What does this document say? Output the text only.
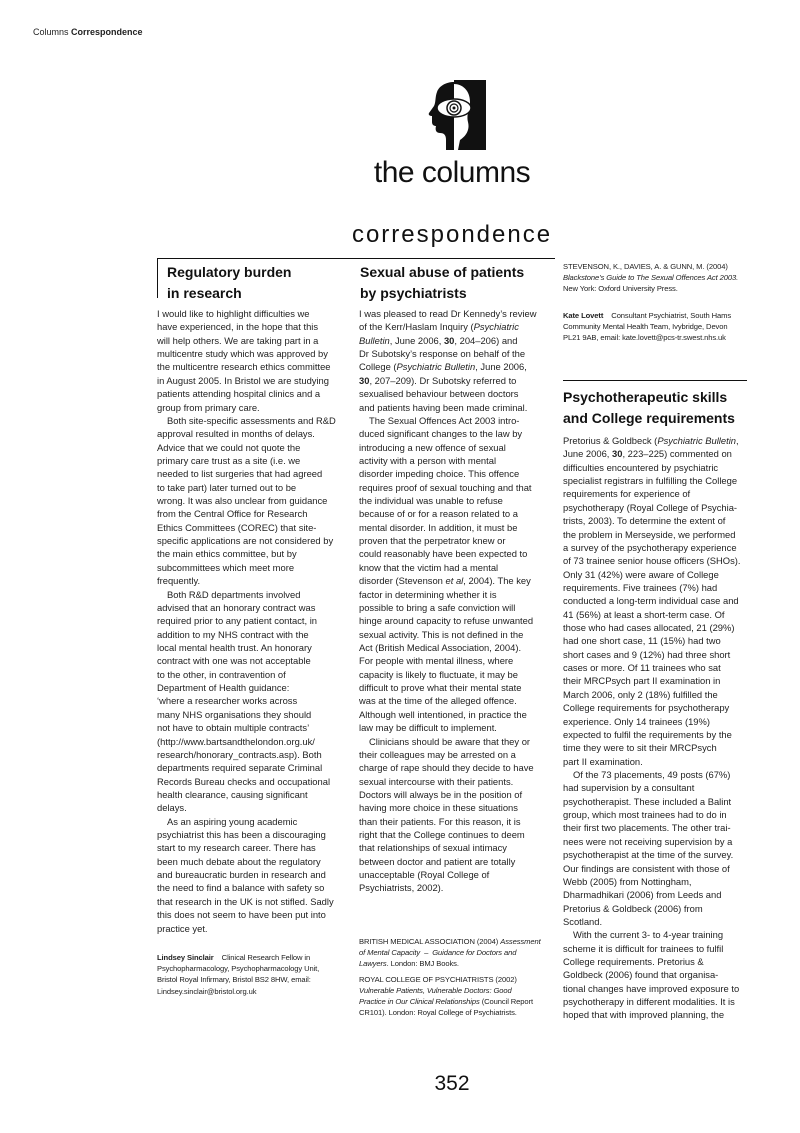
Columns Correspondence
the columns
correspondence
Regulatory burden
in research
I would like to highlight difficulties we
have experienced, in the hope that this
will help others. We are taking part in a
multicentre study which was approved by
the multicentre research ethics committee
in August 2005. In Bristol we are studying
patients attending hospital clinics and a
group from primary care.
Both site-specific assessments and R&D
approval resulted in months of delays.
Advice that we could not quote the
primary care trust as a site (i.e. we
needed to list surgeries that had agreed
to take part) later turned out to be
wrong. It was also unclear from guidance
from the Central Office for Research
Ethics Committees (COREC) that site-
specific applications are not considered by
the main ethics committee, but by
subcommittees which meet more
frequently.
Both R&D departments involved
advised that an honorary contract was
required prior to any patient contact, in
addition to my NHS contract with the
local mental health trust. An honorary
contract with one was not acceptable
to the other, in contravention of
Department of Health guidance:
‘where a researcher works across
many NHS organisations they should
not have to obtain multiple contracts’
(http://www.bartsandthelondon.org.uk/
research/honorary_contracts.asp). Both
departments required separate Criminal
Records Bureau checks and occupational
health clearance, causing significant
delays.
As an aspiring young academic
psychiatrist this has been a discouraging
start to my research career. There has
been much debate about the regulatory
and bureaucratic burden in research and
the need to find a balance with safety so
that research in the UK is not stifled. Sadly
this does not seem to have been put into
practice yet.
Lindsey Sinclair    Clinical Research Fellow in
Psychopharmacology, Psychopharmacology Unit,
Bristol Royal Infirmary, Bristol BS2 8HW, email:
Lindsey.sinclair@bristol.org.uk
Sexual abuse of patients
by psychiatrists
I was pleased to read Dr Kennedy’s review
of the Kerr/Haslam Inquiry (Psychiatric
Bulletin, June 2006, 30, 204–206) and
Dr Subotsky’s response on behalf of the
College (Psychiatric Bulletin, June 2006,
30, 207–209). Dr Subotsky referred to
sexualised behaviour between doctors
and patients having been made criminal.
The Sexual Offences Act 2003 intro-
duced significant changes to the law by
introducing a new offence of sexual
activity with a person with mental
disorder impeding choice. This offence
requires proof of sexual touching and that
the individual was unable to refuse
because of or for a reason related to a
mental disorder. In addition, it must be
proven that the perpetrator knew or
could reasonably have been expected to
know that the victim had a mental
disorder (Stevenson et al, 2004). The key
factor in determining whether it is
possible to bring a safe conviction will
hinge around capacity to refuse unwanted
sexual activity. This is not defined in the
Act (British Medical Association, 2004).
For people with mental illness, where
capacity is likely to fluctuate, it may be
difficult to prove what their mental state
was at the time of the alleged offence.
Although well intentioned, in practice the
law may be difficult to implement.
Clinicians should be aware that they or
their colleagues may be arrested on a
charge of rape should they decide to have
sexual intercourse with their patients.
Doctors will always be in the position of
having more choice in these situations
than their patients. For this reason, it is
right that the College continues to deem
that relationships of sexual intimacy
between doctor and patient are totally
unacceptable (Royal College of
Psychiatrists, 2002).
BRITISH MEDICAL ASSOCIATION (2004) Assessment
of Mental Capacity  –  Guidance for Doctors and
Lawyers. London: BMJ Books.
ROYAL COLLEGE OF PSYCHIATRISTS (2002)
Vulnerable Patients, Vulnerable Doctors: Good
Practice in Our Clinical Relationships (Council Report
CR101). London: Royal College of Psychiatrists.
STEVENSON, K., DAVIES, A. & GUNN, M. (2004)
Blackstone’s Guide to The Sexual Offences Act 2003.
New York: Oxford University Press.
Kate Lovett    Consultant Psychiatrist, South Hams
Community Mental Health Team, Ivybridge, Devon
PL21 9AB, email: kate.lovett@pcs-tr.swest.nhs.uk
Psychotherapeutic skills
and College requirements
Pretorius & Goldbeck (Psychiatric Bulletin,
June 2006, 30, 223–225) commented on
difficulties encountered by psychiatric
specialist registrars in fulfilling the College
requirements for experience of
psychotherapy (Royal College of Psychia-
trists, 2003). To determine the extent of
the problem in Merseyside, we performed
a survey of the psychotherapy experience
of 73 trainee senior house officers (SHOs).
Only 31 (42%) were aware of College
requirements. Five trainees (7%) had
conducted a long-term individual case and
41 (56%) at least a short-term case. Of
those who had cases allocated, 21 (29%)
had one short case, 11 (15%) had two
short cases and 9 (12%) had three short
cases or more. Of 11 trainees who sat
their MRCPsych part II examination in
March 2006, only 2 (18%) fulfilled the
College requirements for psychotherapy
experience. Only 14 trainees (19%)
expected to fulfil the requirements by the
time they were to sit their MRCPsych
part II examination.
Of the 73 placements, 49 posts (67%)
had supervision by a consultant
psychotherapist. These included a Balint
group, which most trainees had to do in
their first two placements. The other trai-
nees were not receiving supervision by a
psychotherapist at the time of the survey.
Our findings are consistent with those of
Webb (2005) from Nottingham,
Dharmadhikari (2006) from Leeds and
Pretorius & Goldbeck (2006) from
Scotland.
With the current 3- to 4-year training
scheme it is difficult for trainees to fulfil
College requirements. Pretorius &
Goldbeck (2006) found that organisa-
tional changes have improved exposure to
psychotherapy in different modalities. It is
hoped that with improved planning, the
352
